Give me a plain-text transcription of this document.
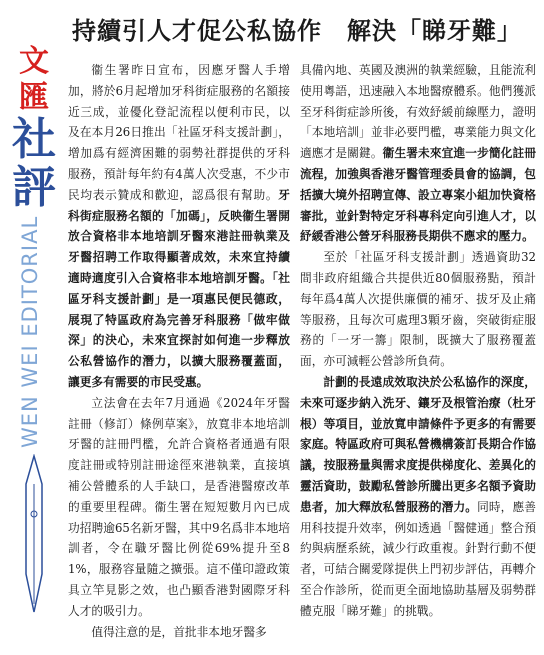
持續引人才促公私協作　解決「睇牙難」
文
匯
社
評
WEN WEI EDITORIAL

衞生署昨日宣布，因應牙醫人手增加，將於6月起增加牙科街症服務的名額接近三成，並優化登記流程以便利市民，以及在本月26日推出「社區牙科支援計劃」，增加爲有經濟困難的弱勢社群提供的牙科服務，預計每年約有4萬人次受惠，不少市民均表示贊成和歡迎，認爲很有幫助。牙科街症服務名額的「加碼」，反映衞生署開放合資格非本地培訓牙醫來港註冊執業及牙醫招聘工作取得顯著成效，未來宜持續適時適度引入合資格非本地培訓牙醫。「社區牙科支援計劃」是一項惠民便民德政，展現了特區政府為完善牙科服務「做牢做深」的決心，未來宜探討如何進一步釋放公私營協作的潛力，以擴大服務覆蓋面，讓更多有需要的市民受惠。

立法會在去年7月通過《2024年牙醫註冊（修訂）條例草案》，放寬非本地培訓牙醫的註冊門檻，允許合資格者通過有限度註冊或特別註冊途徑來港執業，直接填補公營體系的人手缺口，是香港醫療改革的重要里程碑。衞生署在短短數月內已成功招聘逾65名新牙醫，其中9名爲非本地培訓者，令在職牙醫比例從69%提升至81%，服務容量隨之擴張。這不僅印證政策具立竿見影之效，也凸顯香港對國際牙科人才的吸引力。

值得注意的是，首批非本地牙醫多

具備內地、英國及澳洲的執業經驗，且能流利使用粵語，迅速融入本地醫療體系。他們獲派至牙科街症診所後，有效紓緩前線壓力，證明「本地培訓」並非必要門檻，專業能力與文化適應才是關鍵。衞生署未來宜進一步簡化註冊流程，加強與香港牙醫管理委員會的協調，包括擴大境外招聘宣傳、設立專案小組加快資格審批，並針對特定牙科專科定向引進人才，以紓緩香港公營牙科服務長期供不應求的壓力。

至於「社區牙科支援計劃」透過資助32間非政府組織合共提供近80個服務點，預計每年爲4萬人次提供廉價的補牙、拔牙及止痛等服務，且每次可處理3顆牙齒，突破街症服務的「一牙一籌」限制，既擴大了服務覆蓋面，亦可減輕公營診所負荷。

計劃的長遠成效取決於公私協作的深度，未來可逐步納入洗牙、鑲牙及根管治療（杜牙根）等項目，並放寬申請條件予更多的有需要家庭。特區政府可與私營機構簽訂長期合作協議，按服務量與需求度提供梯度化、差異化的靈活資助，鼓勵私營診所騰出更多名額予資助患者，加大釋放私營服務的潛力。同時，應善用科技提升效率，例如透過「醫健通」整合預約與病歷系統，減少行政重複。針對行動不便者，可結合關愛隊提供上門初步評估，再轉介至合作診所，從而更全面地協助基層及弱勢群體克服「睇牙難」的挑戰。
